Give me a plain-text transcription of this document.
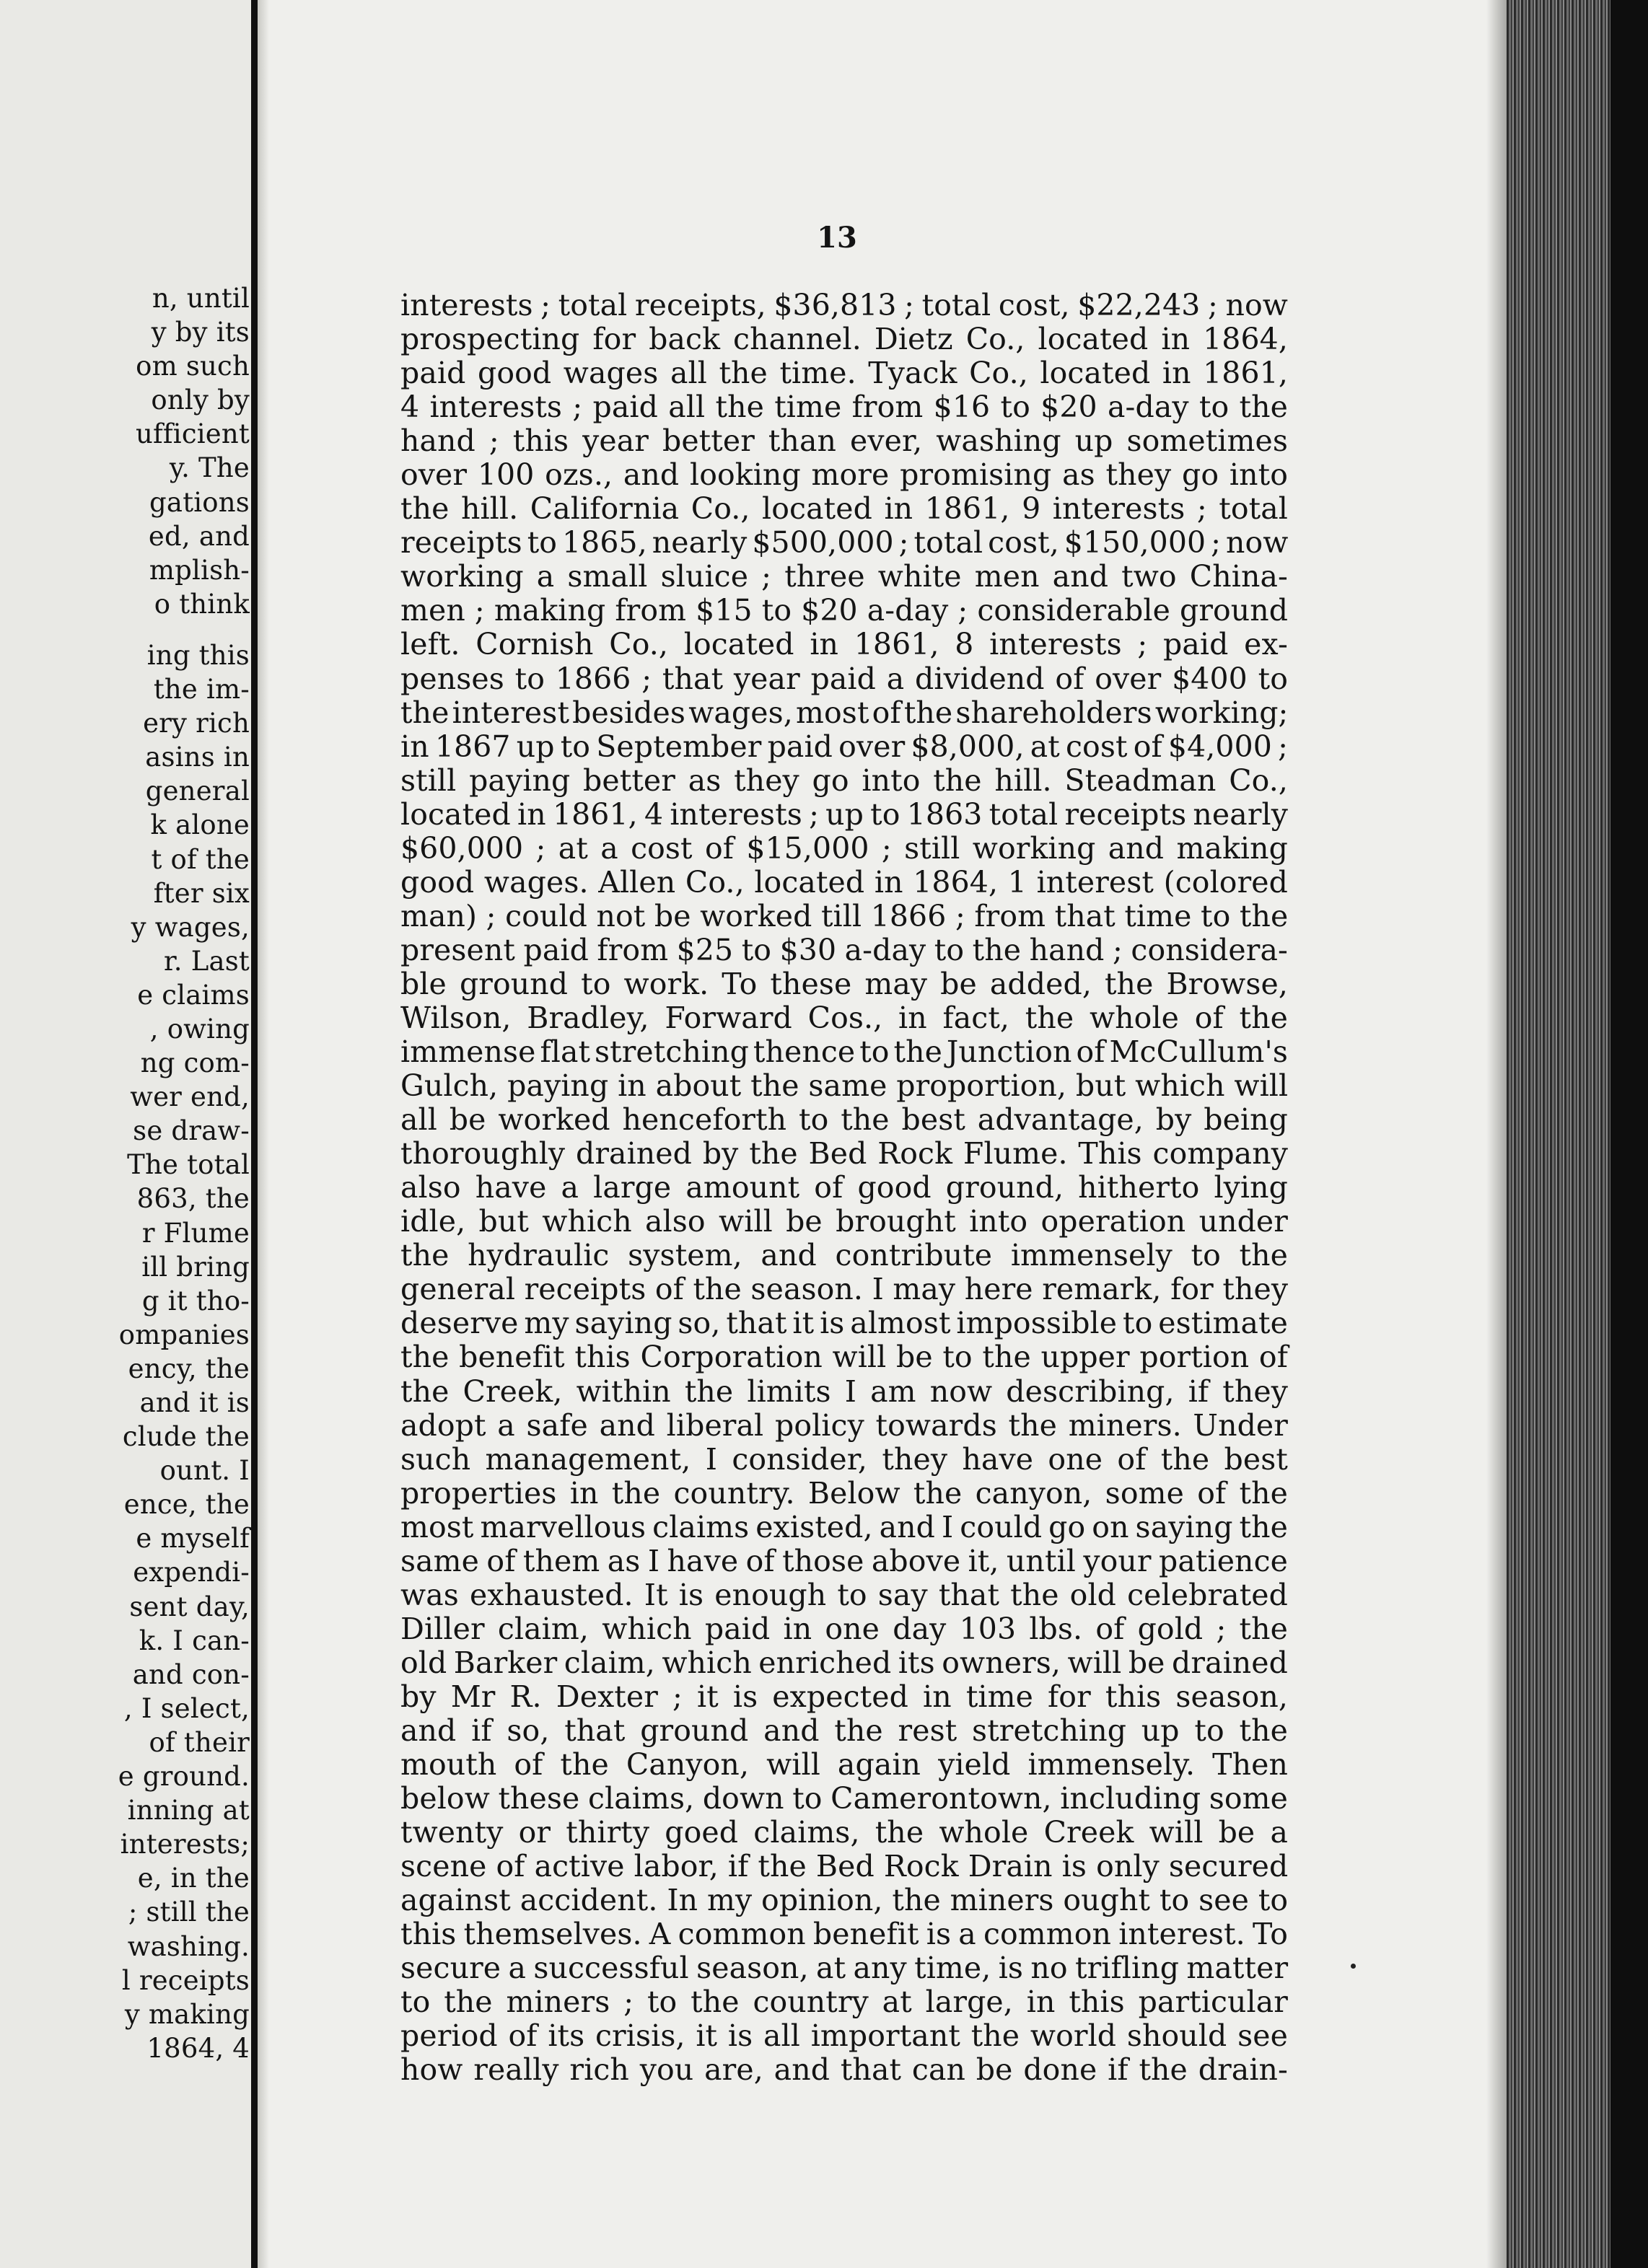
n, until
y by its
om such
only by
ufficient
y. The
gations
ed, and
mplish-
o think
ing this
the im-
ery rich
asins in
general
k alone
t of the
fter six
y wages,
r. Last
e claims
, owing
ng com-
wer end,
se draw-
The total
863, the
r Flume
ill bring
g it tho-
ompanies
ency, the
and it is
clude the
ount. I
ence, the
e myself
expendi-
sent day,
k. I can-
and con-
, I select,
of their
e ground.
inning at
interests;
e, in the
; still the
washing.
l receipts
y making
1864, 4
13
interests ; total receipts, $36,813 ; total cost, $22,243 ; now
prospecting for back channel. Dietz Co., located in 1864,
paid good wages all the time. Tyack Co., located in 1861,
4 interests ; paid all the time from $16 to $20 a-day to the
hand ; this year better than ever, washing up sometimes
over 100 ozs., and looking more promising as they go into
the hill. California Co., located in 1861, 9 interests ; total
receipts to 1865, nearly $500,000 ; total cost, $150,000 ; now
working a small sluice ; three white men and two China-
men ; making from $15 to $20 a-day ; considerable ground
left. Cornish Co., located in 1861, 8 interests ; paid ex-
penses to 1866 ; that year paid a dividend of over $400 to
the interest besides wages, most of the shareholders working;
in 1867 up to September paid over $8,000, at cost of $4,000 ;
still paying better as they go into the hill. Steadman Co.,
located in 1861, 4 interests ; up to 1863 total receipts nearly
$60,000 ; at a cost of $15,000 ; still working and making
good wages. Allen Co., located in 1864, 1 interest (colored
man) ; could not be worked till 1866 ; from that time to the
present paid from $25 to $30 a-day to the hand ; considera-
ble ground to work. To these may be added, the Browse,
Wilson, Bradley, Forward Cos., in fact, the whole of the
immense flat stretching thence to the Junction of McCullum's
Gulch, paying in about the same proportion, but which will
all be worked henceforth to the best advantage, by being
thoroughly drained by the Bed Rock Flume. This company
also have a large amount of good ground, hitherto lying
idle, but which also will be brought into operation under
the hydraulic system, and contribute immensely to the
general receipts of the season. I may here remark, for they
deserve my saying so, that it is almost impossible to estimate
the benefit this Corporation will be to the upper portion of
the Creek, within the limits I am now describing, if they
adopt a safe and liberal policy towards the miners. Under
such management, I consider, they have one of the best
properties in the country. Below the canyon, some of the
most marvellous claims existed, and I could go on saying the
same of them as I have of those above it, until your patience
was exhausted. It is enough to say that the old celebrated
Diller claim, which paid in one day 103 lbs. of gold ; the
old Barker claim, which enriched its owners, will be drained
by Mr R. Dexter ; it is expected in time for this season,
and if so, that ground and the rest stretching up to the
mouth of the Canyon, will again yield immensely. Then
below these claims, down to Camerontown, including some
twenty or thirty goed claims, the whole Creek will be a
scene of active labor, if the Bed Rock Drain is only secured
against accident. In my opinion, the miners ought to see to
this themselves. A common benefit is a common interest. To
secure a successful season, at any time, is no trifling matter
to the miners ; to the country at large, in this particular
period of its crisis, it is all important the world should see
how really rich you are, and that can be done if the drain-
